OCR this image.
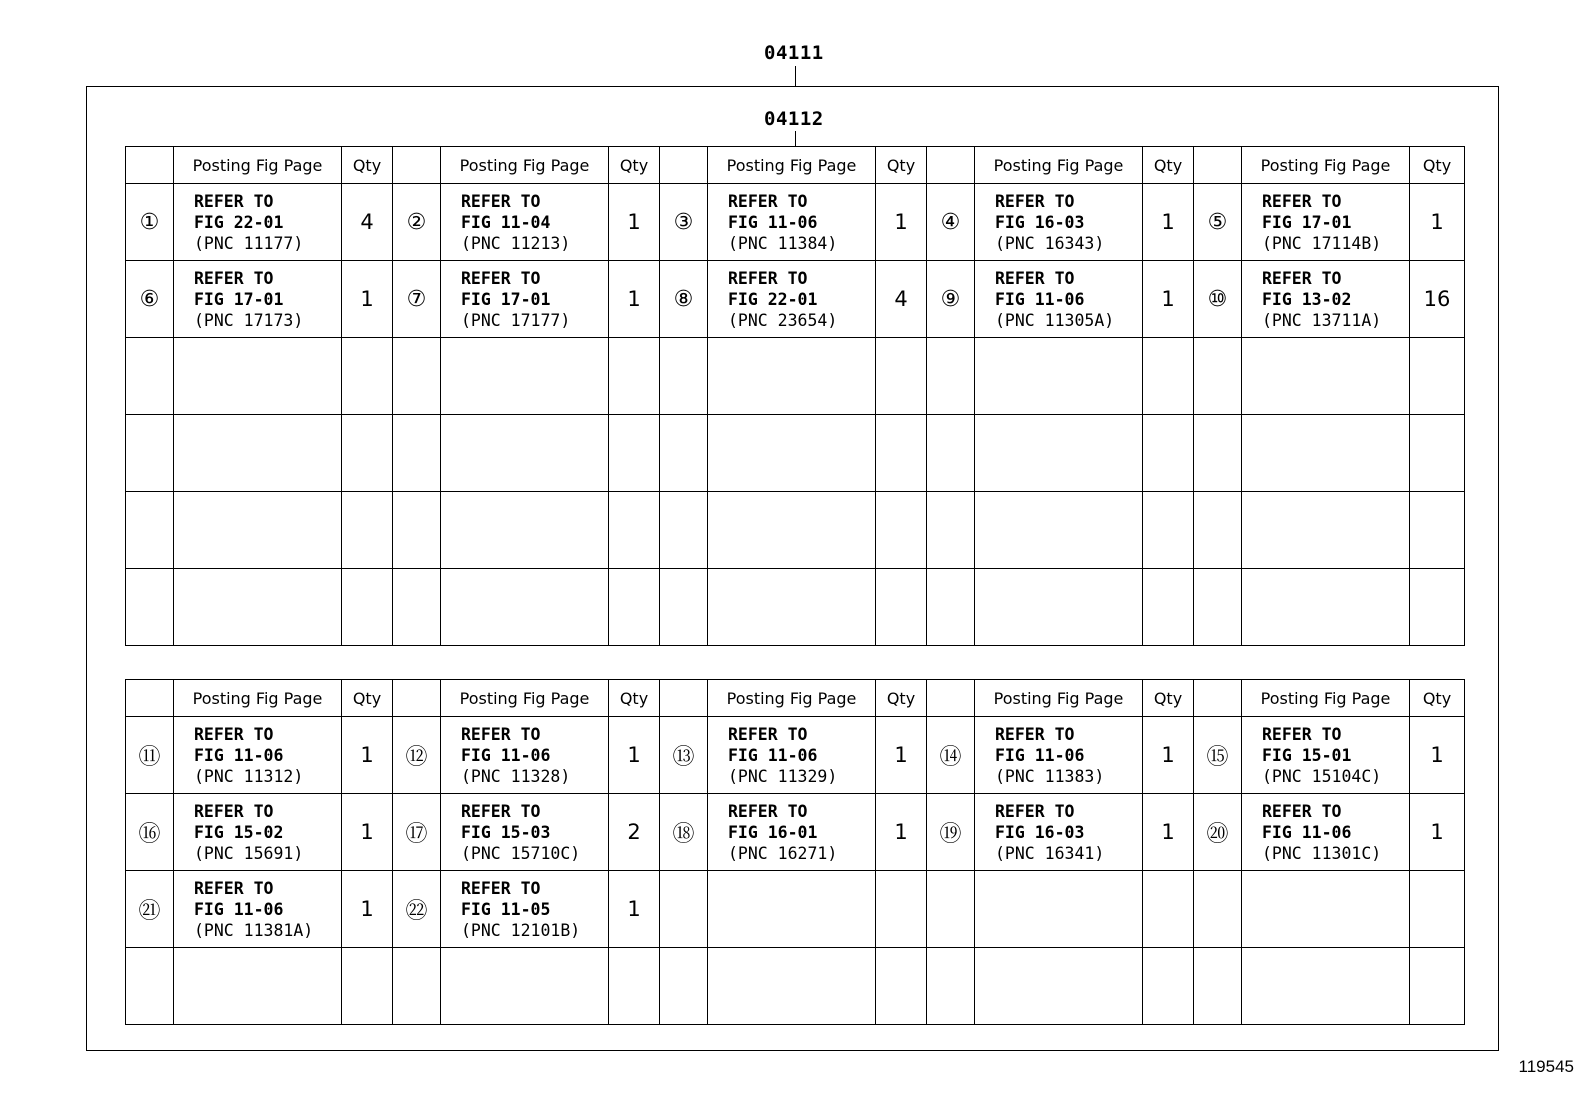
04111
04112
	Posting Fig Page	Qty		Posting Fig Page	Qty		Posting Fig Page	Qty		Posting Fig Page	Qty		Posting Fig Page	Qty
①	REFER TO
FIG 22-01
(PNC 11177)	4	②	REFER TO
FIG 11-04
(PNC 11213)	1	③	REFER TO
FIG 11-06
(PNC 11384)	1	④	REFER TO
FIG 16-03
(PNC 16343)	1	⑤	REFER TO
FIG 17-01
(PNC 17114B)	1
⑥	REFER TO
FIG 17-01
(PNC 17173)	1	⑦	REFER TO
FIG 17-01
(PNC 17177)	1	⑧	REFER TO
FIG 22-01
(PNC 23654)	4	⑨	REFER TO
FIG 11-06
(PNC 11305A)	1	⑩	REFER TO
FIG 13-02
(PNC 13711A)	16

	Posting Fig Page	Qty		Posting Fig Page	Qty		Posting Fig Page	Qty		Posting Fig Page	Qty		Posting Fig Page	Qty
⑪	REFER TO
FIG 11-06
(PNC 11312)	1	⑫	REFER TO
FIG 11-06
(PNC 11328)	1	⑬	REFER TO
FIG 11-06
(PNC 11329)	1	⑭	REFER TO
FIG 11-06
(PNC 11383)	1	⑮	REFER TO
FIG 15-01
(PNC 15104C)	1
⑯	REFER TO
FIG 15-02
(PNC 15691)	1	⑰	REFER TO
FIG 15-03
(PNC 15710C)	2	⑱	REFER TO
FIG 16-01
(PNC 16271)	1	⑲	REFER TO
FIG 16-03
(PNC 16341)	1	⑳	REFER TO
FIG 11-06
(PNC 11301C)	1
㉑	REFER TO
FIG 11-06
(PNC 11381A)	1	㉒	REFER TO
FIG 11-05
(PNC 12101B)	1		

119545
